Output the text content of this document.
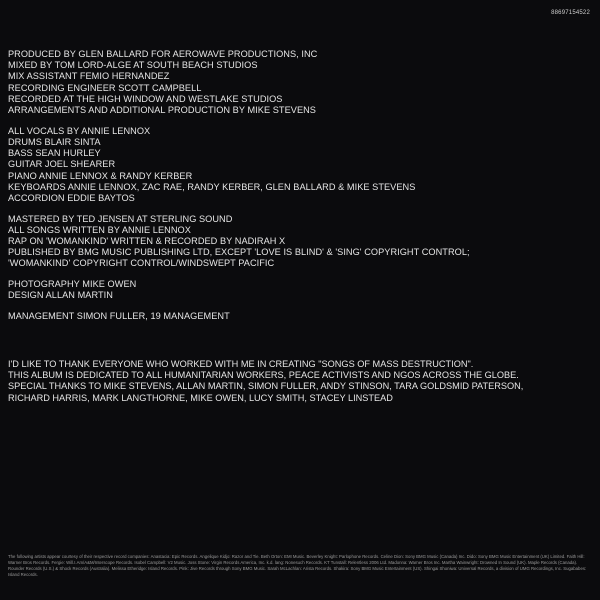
88697154522
PRODUCED BY GLEN BALLARD FOR AEROWAVE PRODUCTIONS, INC
MIXED BY TOM LORD-ALGE AT SOUTH BEACH STUDIOS
MIX ASSISTANT FEMIO HERNANDEZ
RECORDING ENGINEER SCOTT CAMPBELL
RECORDED AT THE HIGH WINDOW AND WESTLAKE STUDIOS
ARRANGEMENTS AND ADDITIONAL PRODUCTION BY MIKE STEVENS
ALL VOCALS BY ANNIE LENNOX
DRUMS BLAIR SINTA
BASS SEAN HURLEY
GUITAR JOEL SHEARER
PIANO ANNIE LENNOX & RANDY KERBER
KEYBOARDS ANNIE LENNOX, ZAC RAE, RANDY KERBER, GLEN BALLARD & MIKE STEVENS
ACCORDION EDDIE BAYTOS
MASTERED BY TED JENSEN AT STERLING SOUND
ALL SONGS WRITTEN BY ANNIE LENNOX
RAP ON 'WOMANKIND' WRITTEN & RECORDED BY NADIRAH X
PUBLISHED BY BMG MUSIC PUBLISHING LTD, EXCEPT 'LOVE IS BLIND' & 'SING' COPYRIGHT CONTROL;
'WOMANKIND' COPYRIGHT CONTROL/WINDSWEPT PACIFIC
PHOTOGRAPHY MIKE OWEN
DESIGN ALLAN MARTIN
MANAGEMENT SIMON FULLER, 19 MANAGEMENT
I'D LIKE TO THANK EVERYONE WHO WORKED WITH ME IN CREATING "SONGS OF MASS DESTRUCTION".
THIS ALBUM IS DEDICATED TO ALL HUMANITARIAN WORKERS, PEACE ACTIVISTS AND NGOS ACROSS THE GLOBE.
SPECIAL THANKS TO MIKE STEVENS, ALLAN MARTIN, SIMON FULLER, ANDY STINSON, TARA GOLDSMID PATERSON,
RICHARD HARRIS, MARK LANGTHORNE, MIKE OWEN, LUCY SMITH, STACEY LINSTEAD
The following artists appear courtesy of their respective record companies: Anastacia: Epic Records. Angelique Kidjo: Razor and Tie. Beth Orton: EMI Music. Beverley Knight: Parlophone Records. Celine Dion: Sony BMG Music (Canada) Inc. Dido: Sony BMG Music Entertainment (UK) Limited. Faith Hill: Warner Bros Records. Fergie: Will.I.Am/A&M/Interscope Records. Isobel Campbell: V2 Music. Joss Stone: Virgin Records America, Inc. k.d. lang: Nonesuch Records. KT Tunstall: Relentless 2006 Ltd. Madonna: Warner Bros Inc. Martha Wainwright: Drowned In Sound (UK). Maple Records (Canada). Rounder Records (U.S.) & Shock Records (Australia). Melissa Etheridge: Island Records. Pink: Jive Records through Sony BMG Music. Sarah McLachlan: Arista Records. Shakira: Sony BMG Music Entertainment (US). Shingai Shoniwa: Universal Records, a division of UMG Recordings, Inc. Sugababes: Island Records.
